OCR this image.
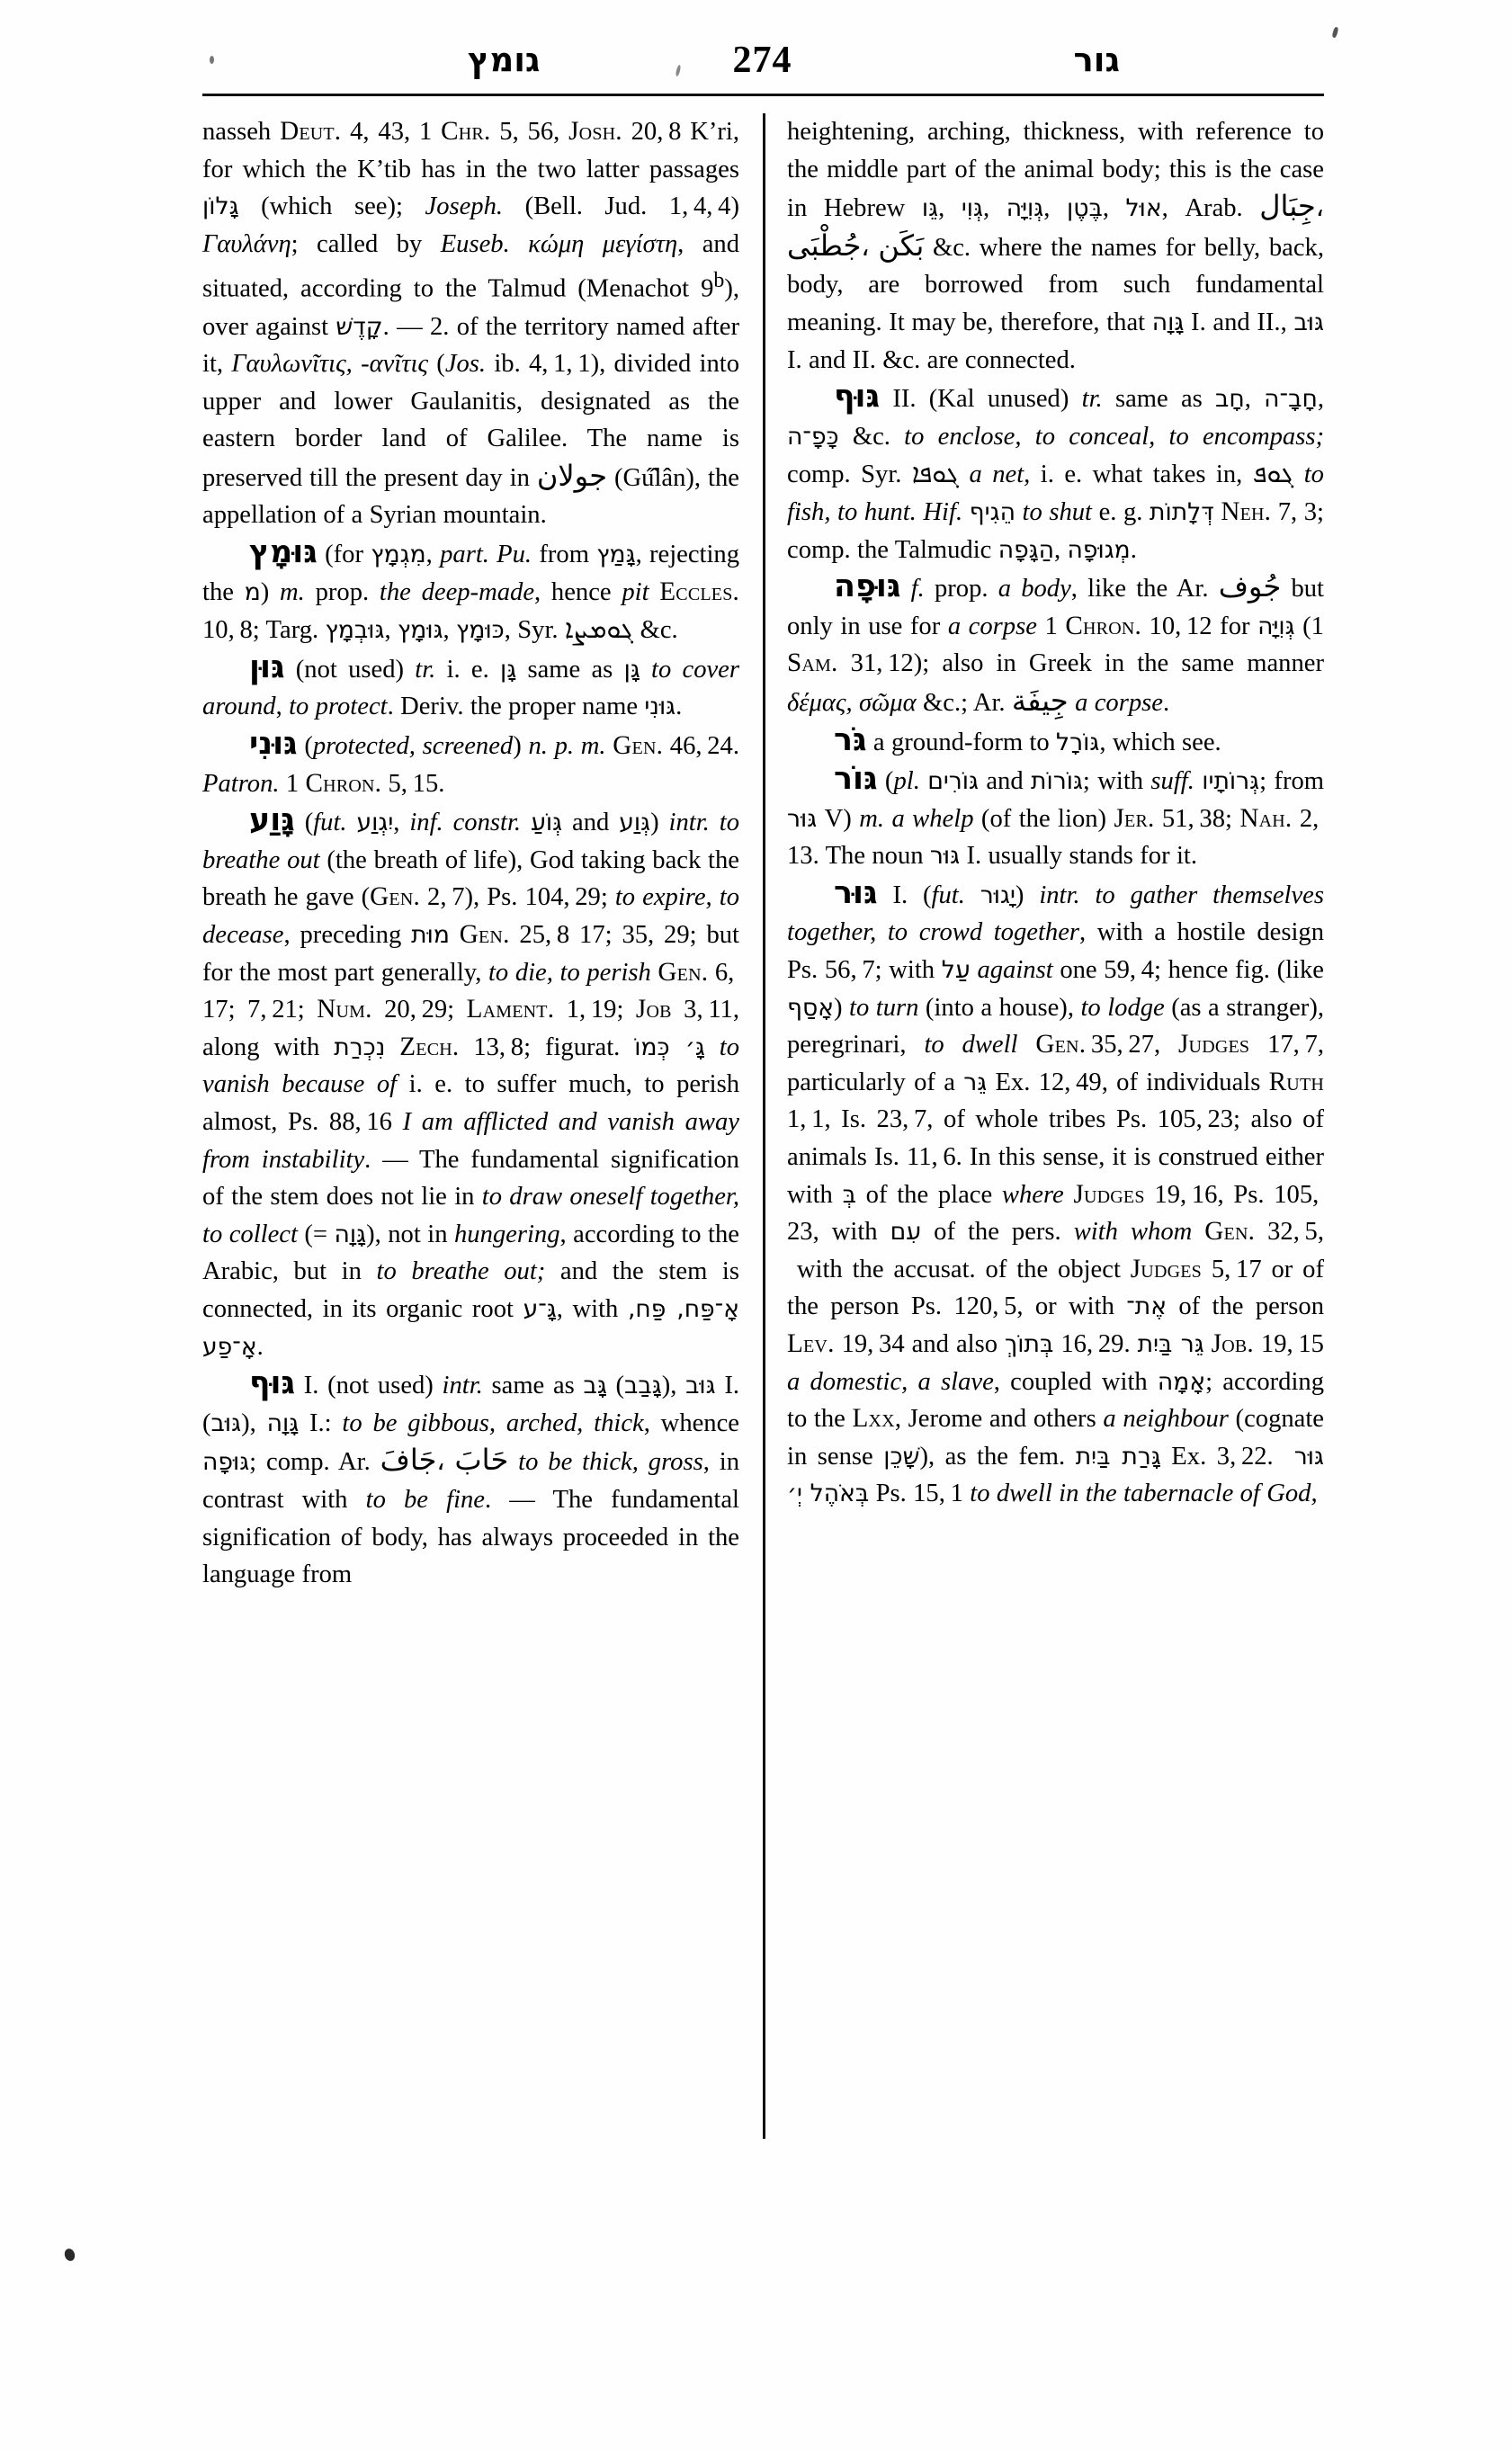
גומץ	274	גור

nasseh Deut. 4, 43, 1 Chr. 5, 56, Josh. 20, 8 K’ri, for which the K’tib has in the two latter passages גָּלוֹן (which see); Joseph. (Bell. Jud. 1, 4, 4) Γαυλάνη; called by Euseb. κώμη μεγίστη, and situated, according to the Talmud (Menachot 9$^b$), over against קָדֶשׁ. — 2. of the territory named after it, Γαυλωνῖτις, -ανῖτις (Jos. ib. 4, 1, 1), divided into upper and lower Gaulanitis, designated as the eastern border land of Galilee. The name is preserved till the present day in جولان (Gú̂lân), the appellation of a Syrian mountain.

גּוּמָץ (for מִגְמָץ, part. Pu. from גָּמַץ, rejecting the מ) m. prop. the deep-made, hence pit Eccles. 10, 8; Targ. גּוּבְמָץ, גּוּמָץ, כּוּמָץ, Syr. ܓܘܡܨܐ &c.

גּוּן (not used) tr. i. e. גָּן same as גָּן to cover around, to protect. Deriv. the proper name גּוּנִי.

גּוּנִי (protected, screened) n. p. m. Gen. 46, 24. Patron. 1 Chron. 5, 15.

גָּוַע (fut. יִגְוַע, inf. constr. גְּוֹעַ and גְּוַע) intr. to breathe out (the breath of life), God taking back the breath he gave (Gen. 2, 7), Ps. 104, 29; to expire, to decease, preceding מוּת Gen. 25, 8 17; 35, 29; but for the most part generally, to die, to perish Gen. 6, 17; 7, 21; Num. 20, 29; Lament. 1, 19; Job 3, 11, along with נִכְרַת Zech. 13, 8; figurat. גָּ׳ כְּמוֹ to vanish because of i. e. to suffer much, to perish almost, Ps. 88, 16 I am afflicted and vanish away from instability. — The fundamental signification of the stem does not lie in to draw oneself together, to collect (= גָּוָה), not in hungering, according to the Arabic, but in to breathe out; and the stem is connected, in its organic root גָּ־ע, with אָ־פַּח, פַּח, אָ־פַע.

גּוּף I. (not used) intr. same as גָּב (גָּבַב), גּוּב I. (גּוּב), גָּוָה I.: to be gibbous, arched, thick, whence גּוּפָה; comp. Ar. جَافَ، حَابَ to be thick, gross, in contrast with to be fine. — The fundamental signification of body, has always proceeded in the language from

heightening, arching, thickness, with reference to the middle part of the animal body; this is the case in Hebrew גֵּו, גְּוִי, גְּוִיָּה, בֶּטֶן, אוּל, Arab. جِبَال، جُطْبَى، بَكَن &c. where the names for belly, back, body, are borrowed from such fundamental meaning. It may be, therefore, that גָּוָה I. and II., גּוּב I. and II. &c. are connected.

גּוּף II. (Kal unused) tr. same as חָב, חָבָ־ה, כָּפָ־ה &c. to enclose, to conceal, to encompass; comp. Syr. ܓܘܦܐ a net, i. e. what takes in, ܓܘܦ to fish, to hunt. Hif. הֵגִיף to shut e. g. דְּלָתוֹת Neh. 7, 3; comp. the Talmudic הַגָּפָה, מְגוּפָה.

גּוּפָה f. prop. a body, like the Ar. جُوف but only in use for a corpse 1 Chron. 10, 12 for גְּוִיָּה (1 Sam. 31, 12); also in Greek in the same manner δέμας, σῶμα &c.; Ar. جِيفَة a corpse.

גֹּר a ground-form to גּוֹרָל, which see.

גּוֹר (pl. גּוֹרִים and גּוֹרוֹת; with suff. גְּרוֹתָיו; from גּוּר V) m. a whelp (of the lion) Jer. 51, 38; Nah. 2, 13. The noun גּוּר I. usually stands for it.

גּוּר I. (fut. יָגוּר) intr. to gather themselves together, to crowd together, with a hostile design Ps. 56, 7; with עַל against one 59, 4; hence fig. (like אָסַף) to turn (into a house), to lodge (as a stranger), peregrinari, to dwell Gen. 35, 27, Judges 17, 7, particularly of a גֵּר Ex. 12, 49, of individuals Ruth 1, 1, Is. 23, 7, of whole tribes Ps. 105, 23; also of animals Is. 11, 6. In this sense, it is construed either with בְּ of the place where Judges 19, 16, Ps. 105, 23, with עִם of the pers. with whom Gen. 32, 5,  with the accusat. of the object Judges 5, 17 or of the person Ps. 120, 5, or with אֶת־ of the person Lev. 19, 34 and also בְּתוֹךְ 16, 29. גֵּר בַּיִת Job. 19, 15 a domestic, a slave, coupled with אָמָה; according to the Lxx, Jerome and others a neighbour (cognate in sense שָׁכֵן), as the fem. גָּרַת בַּיִת Ex. 3, 22.  גּוּר בְּאֹהֶל יְ׳ Ps. 15, 1 to dwell in the tabernacle of God,
